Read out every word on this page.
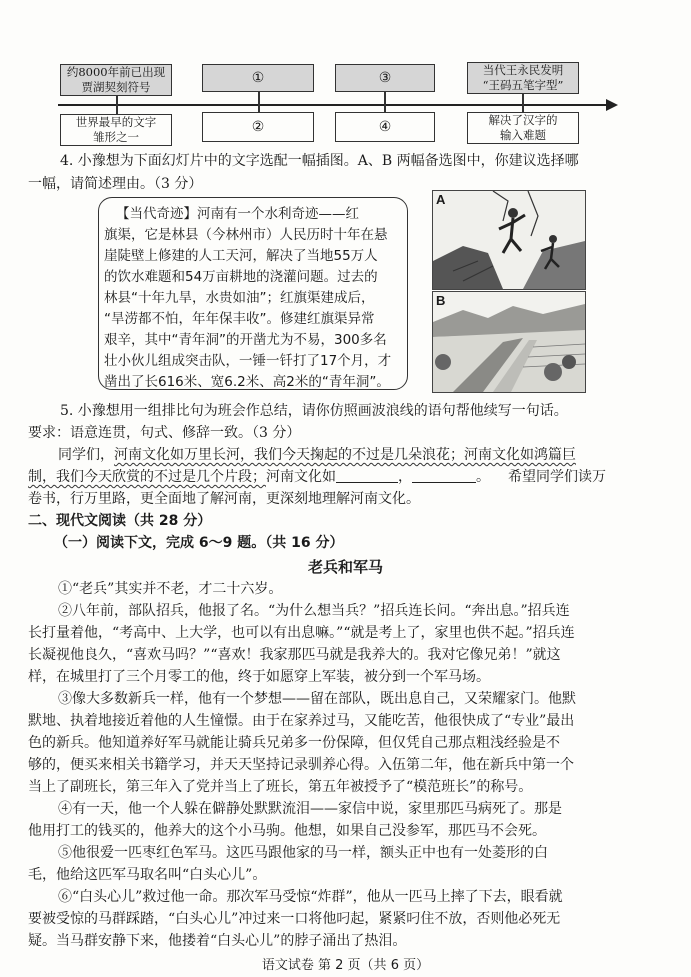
约8000年前已出现
贾湖契刻符号
①	③	当代王永民发明
“王码五笔字型”
世界最早的文字
雏形之一
②	④	解决了汉字的
输入难题
4. 小豫想为下面幻灯片中的文字选配一幅插图。A、B 两幅备选图中，你建议选择哪
一幅，请简述理由。（3 分）
【当代奇迹】河南有一个水利奇迹——红
旗渠，它是林县（今林州市）人民历时十年在悬
崖陡壁上修建的人工天河，解决了当地55万人
的饮水难题和54万亩耕地的浇灌问题。过去的
林县“十年九旱，水贵如油”；红旗渠建成后，
“旱涝都不怕，年年保丰收”。修建红旗渠异常
艰辛，其中“青年洞”的开凿尤为不易，300多名
壮小伙儿组成突击队，一锤一钎打了17个月，才
凿出了长616米、宽6.2米、高2米的“青年洞”。
A
B
5. 小豫想用一组排比句为班会作总结，请你仿照画波浪线的语句帮他续写一句话。
要求：语意连贯，句式、修辞一致。（3 分）
同学们，河南文化如万里长河，我们今天掬起的不过是几朵浪花；河南文化如鸿篇巨
制，我们今天欣赏的不过是几个片段；河南文化如	，	。 希望同学们读万
卷书，行万里路，更全面地了解河南，更深刻地理解河南文化。
二、现代文阅读（共 28 分）
（一）阅读下文，完成 6～9 题。（共 16 分）
老兵和军马
①“老兵”其实并不老，才二十六岁。
②八年前，部队招兵，他报了名。“为什么想当兵？”招兵连长问。“奔出息。”招兵连
长打量着他，“考高中、上大学，也可以有出息嘛。”“就是考上了，家里也供不起。”招兵连
长凝视他良久，“喜欢马吗？”“喜欢！我家那匹马就是我养大的。我对它像兄弟！”就这
样，在城里打了三个月零工的他，终于如愿穿上军装，被分到一个军马场。
③像大多数新兵一样，他有一个梦想——留在部队，既出息自己，又荣耀家门。他默
默地、执着地接近着他的人生憧憬。由于在家养过马，又能吃苦，他很快成了“专业”最出
色的新兵。他知道养好军马就能让骑兵兄弟多一份保障，但仅凭自己那点粗浅经验是不
够的，便买来相关书籍学习，并天天坚持记录驯养心得。入伍第二年，他在新兵中第一个
当上了副班长，第三年入了党并当上了班长，第五年被授予了“模范班长”的称号。
④有一天，他一个人躲在僻静处默默流泪——家信中说，家里那匹马病死了。那是
他用打工的钱买的，他养大的这个小马驹。他想，如果自己没参军，那匹马不会死。
⑤他很爱一匹枣红色军马。这匹马跟他家的马一样，额头正中也有一处菱形的白
毛，他给这匹军马取名叫“白头心儿”。
⑥“白头心儿”救过他一命。那次军马受惊“炸群”，他从一匹马上摔了下去，眼看就
要被受惊的马群踩踏，“白头心儿”冲过来一口将他叼起，紧紧叼住不放，否则他必死无
疑。当马群安静下来，他搂着“白头心儿”的脖子涌出了热泪。
语文试卷 第 2 页（共 6 页）
